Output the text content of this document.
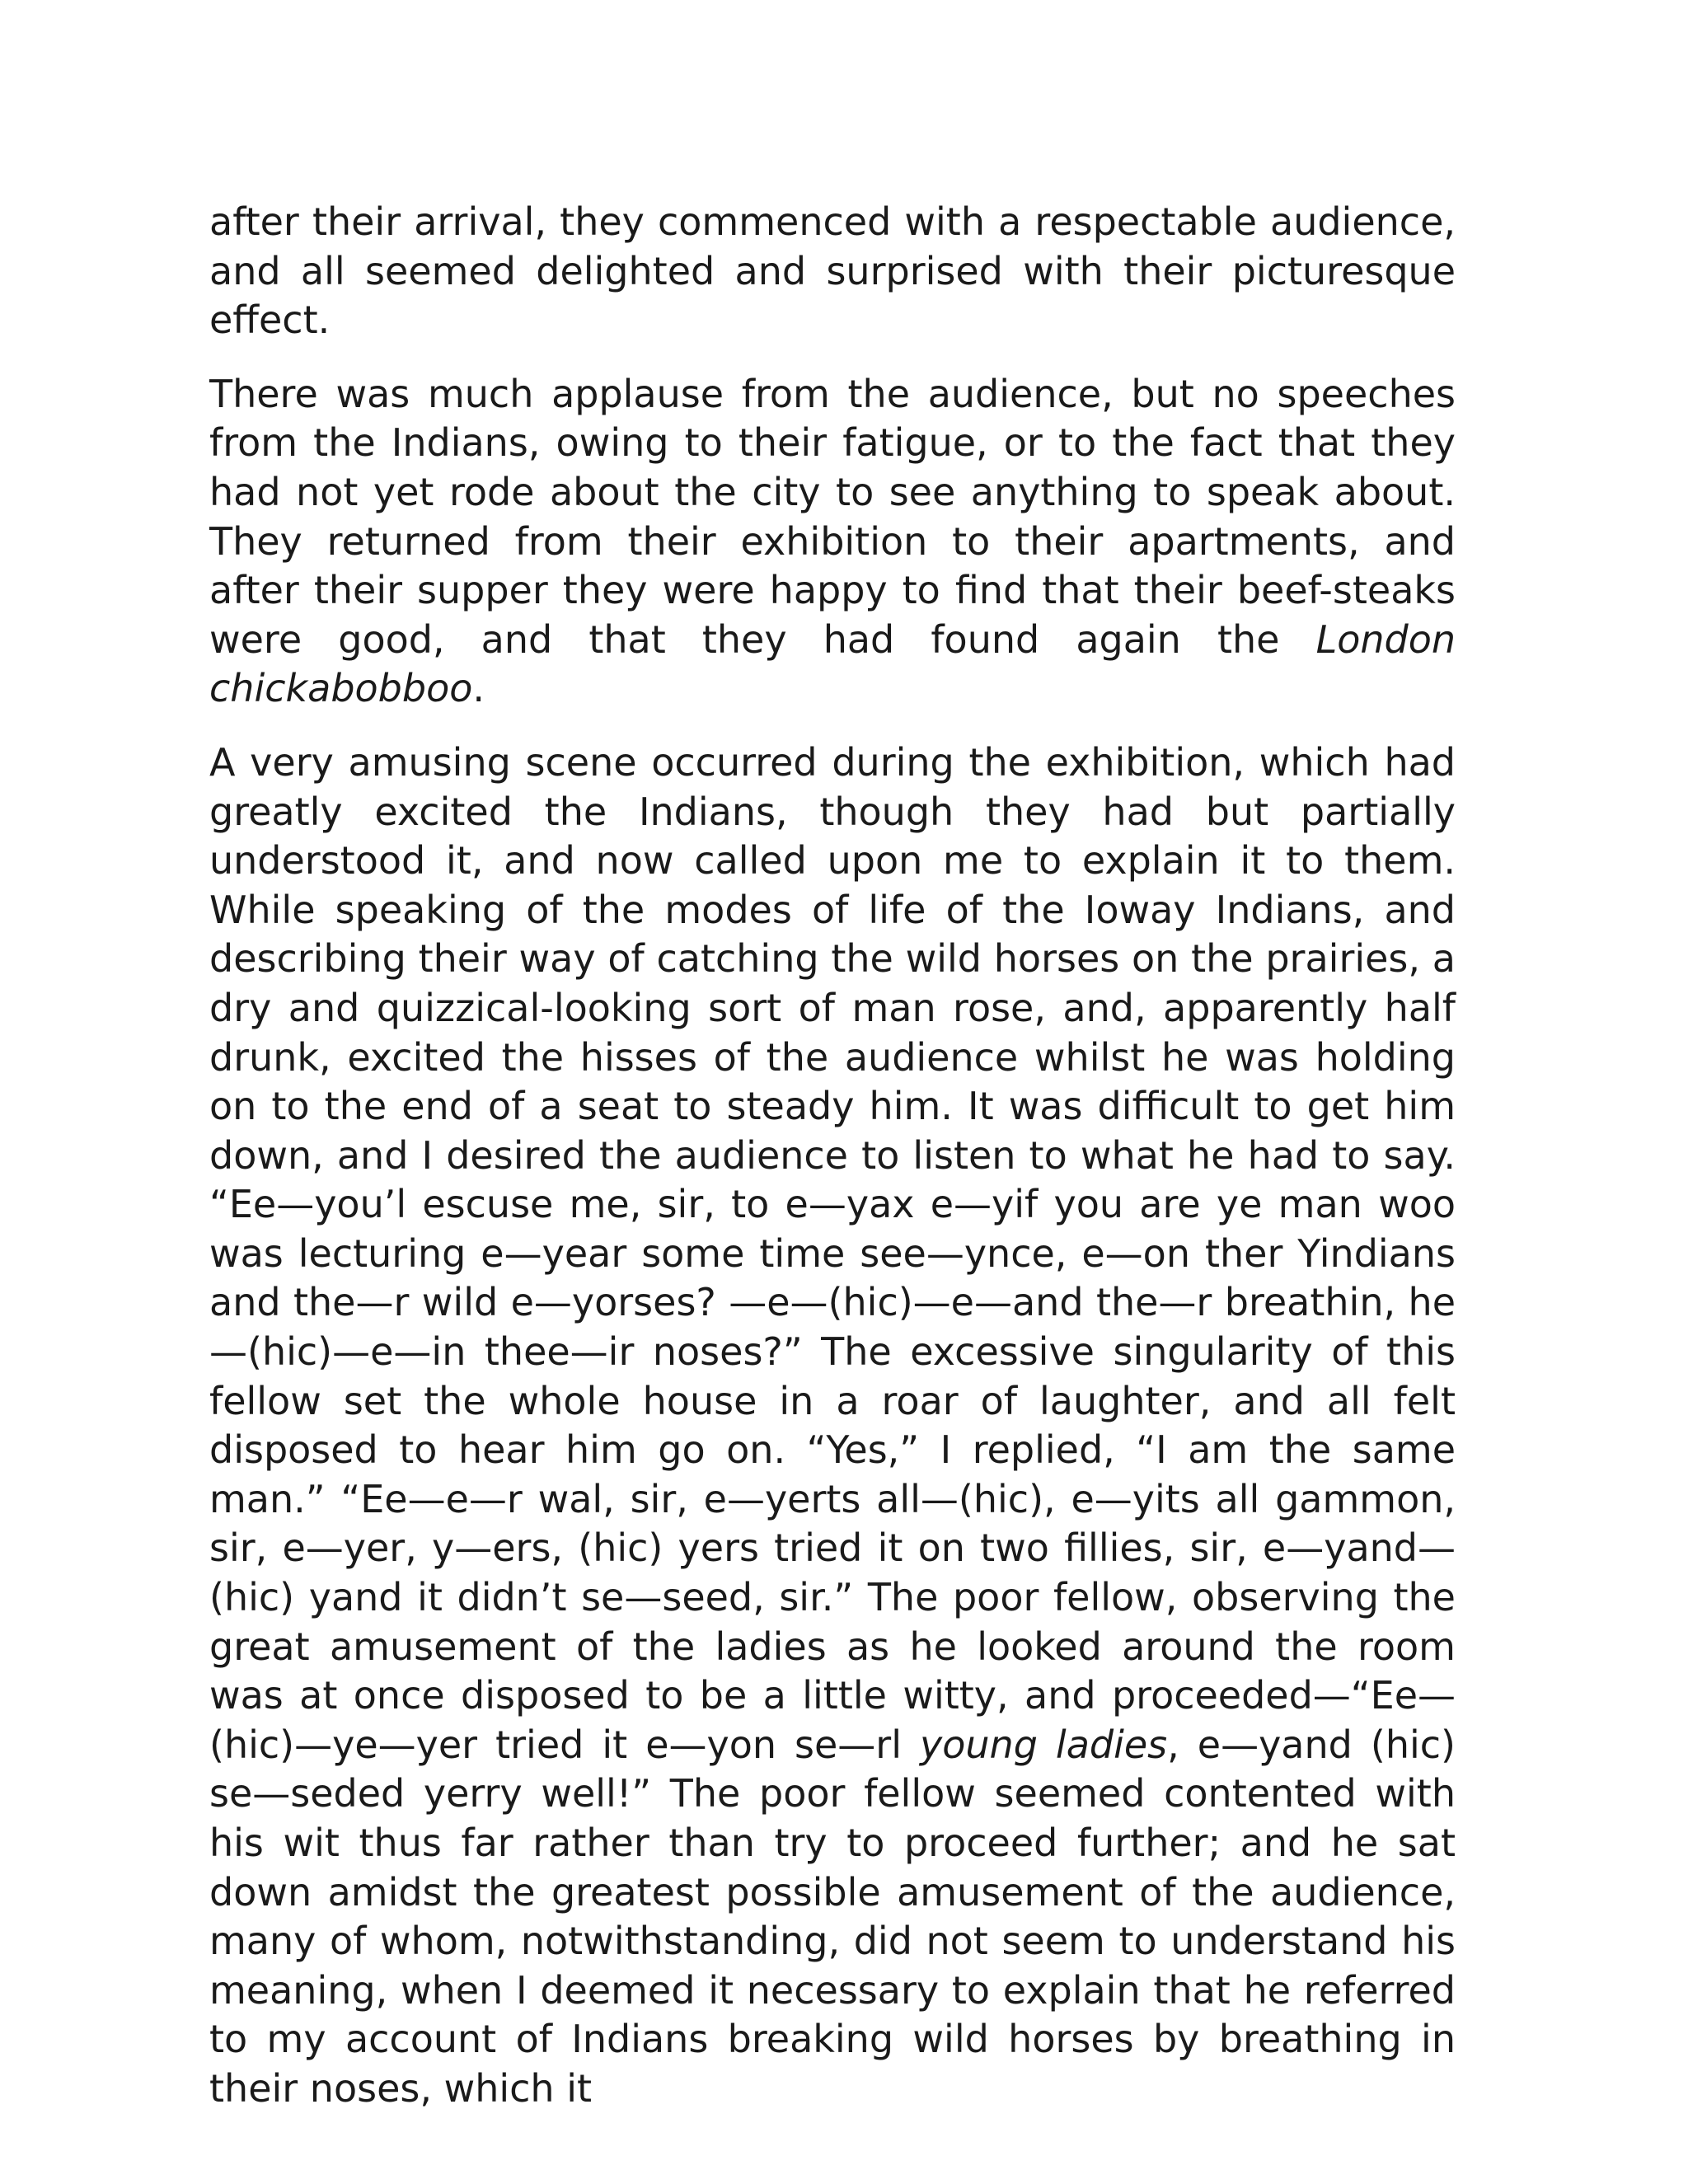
after their arrival, they commenced with a respectable audience, and all seemed delighted and surprised with their picturesque effect.

There was much applause from the audience, but no speeches from the Indians, owing to their fatigue, or to the fact that they had not yet rode about the city to see anything to speak about. They returned from their exhibition to their apartments, and after their supper they were happy to find that their beef-steaks were good, and that they had found again the London chickabobboo.

A very amusing scene occurred during the exhibition, which had greatly excited the Indians, though they had but partially understood it, and now called upon me to explain it to them. While speaking of the modes of life of the Ioway Indians, and describing their way of catching the wild horses on the prairies, a dry and quizzical-looking sort of man rose, and, apparently half drunk, excited the hisses of the audience whilst he was holding on to the end of a seat to steady him. It was difficult to get him down, and I desired the audience to listen to what he had to say. “Ee—you’l escuse me, sir, to e—yax e—yif you are ye man woo was lecturing e—year some time see—ynce, e—on ther Yindians and the—r wild e—yorses? —e—(hic)—e—and the—r breathin, he—(hic)—e—in thee—ir noses?” The excessive singularity of this fellow set the whole house in a roar of laughter, and all felt disposed to hear him go on. “Yes,” I replied, “I am the same man.” “Ee—e—r wal, sir, e—yerts all—(hic), e—yits all gammon, sir, e—yer, y—ers, (hic) yers tried it on two fillies, sir, e—yand—(hic) yand it didn’t se—seed, sir.” The poor fellow, observing the great amusement of the ladies as he looked around the room was at once disposed to be a little witty, and proceeded—“Ee—(hic)—ye—yer tried it e—yon se—rl young ladies, e—yand (hic) se—seded yerry well!” The poor fellow seemed contented with his wit thus far rather than try to proceed further; and he sat down amidst the greatest possible amusement of the audience, many of whom, notwithstanding, did not seem to understand his meaning, when I deemed it necessary to explain that he referred to my account of Indians breaking wild horses by breathing in their noses, which it
